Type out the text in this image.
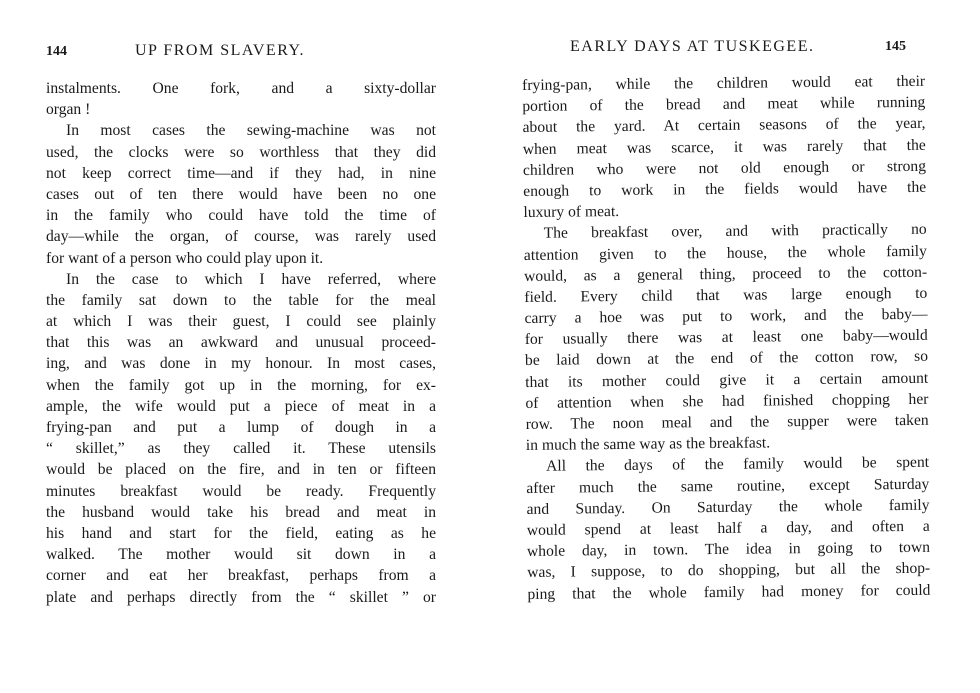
144	UP FROM SLAVERY.
instalments. One fork, and a sixty-dollar
organ !
In most cases the sewing-machine was not
used, the clocks were so worthless that they did
not keep correct time—and if they had, in nine
cases out of ten there would have been no one
in the family who could have told the time of
day—while the organ, of course, was rarely used
for want of a person who could play upon it.
In the case to which I have referred, where
the family sat down to the table for the meal
at which I was their guest, I could see plainly
that this was an awkward and unusual proceed-
ing, and was done in my honour. In most cases,
when the family got up in the morning, for ex-
ample, the wife would put a piece of meat in a
frying-pan and put a lump of dough in a
“ skillet,” as they called it. These utensils
would be placed on the fire, and in ten or fifteen
minutes breakfast would be ready. Frequently
the husband would take his bread and meat in
his hand and start for the field, eating as he
walked. The mother would sit down in a
corner and eat her breakfast, perhaps from a
plate and perhaps directly from the “ skillet ” or
EARLY DAYS AT TUSKEGEE.	145
frying-pan, while the children would eat their
portion of the bread and meat while running
about the yard. At certain seasons of the year,
when meat was scarce, it was rarely that the
children who were not old enough or strong
enough to work in the fields would have the
luxury of meat.
The breakfast over, and with practically no
attention given to the house, the whole family
would, as a general thing, proceed to the cotton-
field. Every child that was large enough to
carry a hoe was put to work, and the baby—
for usually there was at least one baby—would
be laid down at the end of the cotton row, so
that its mother could give it a certain amount
of attention when she had finished chopping her
row. The noon meal and the supper were taken
in much the same way as the breakfast.
All the days of the family would be spent
after much the same routine, except Saturday
and Sunday. On Saturday the whole family
would spend at least half a day, and often a
whole day, in town. The idea in going to town
was, I suppose, to do shopping, but all the shop-
ping that the whole family had money for could
